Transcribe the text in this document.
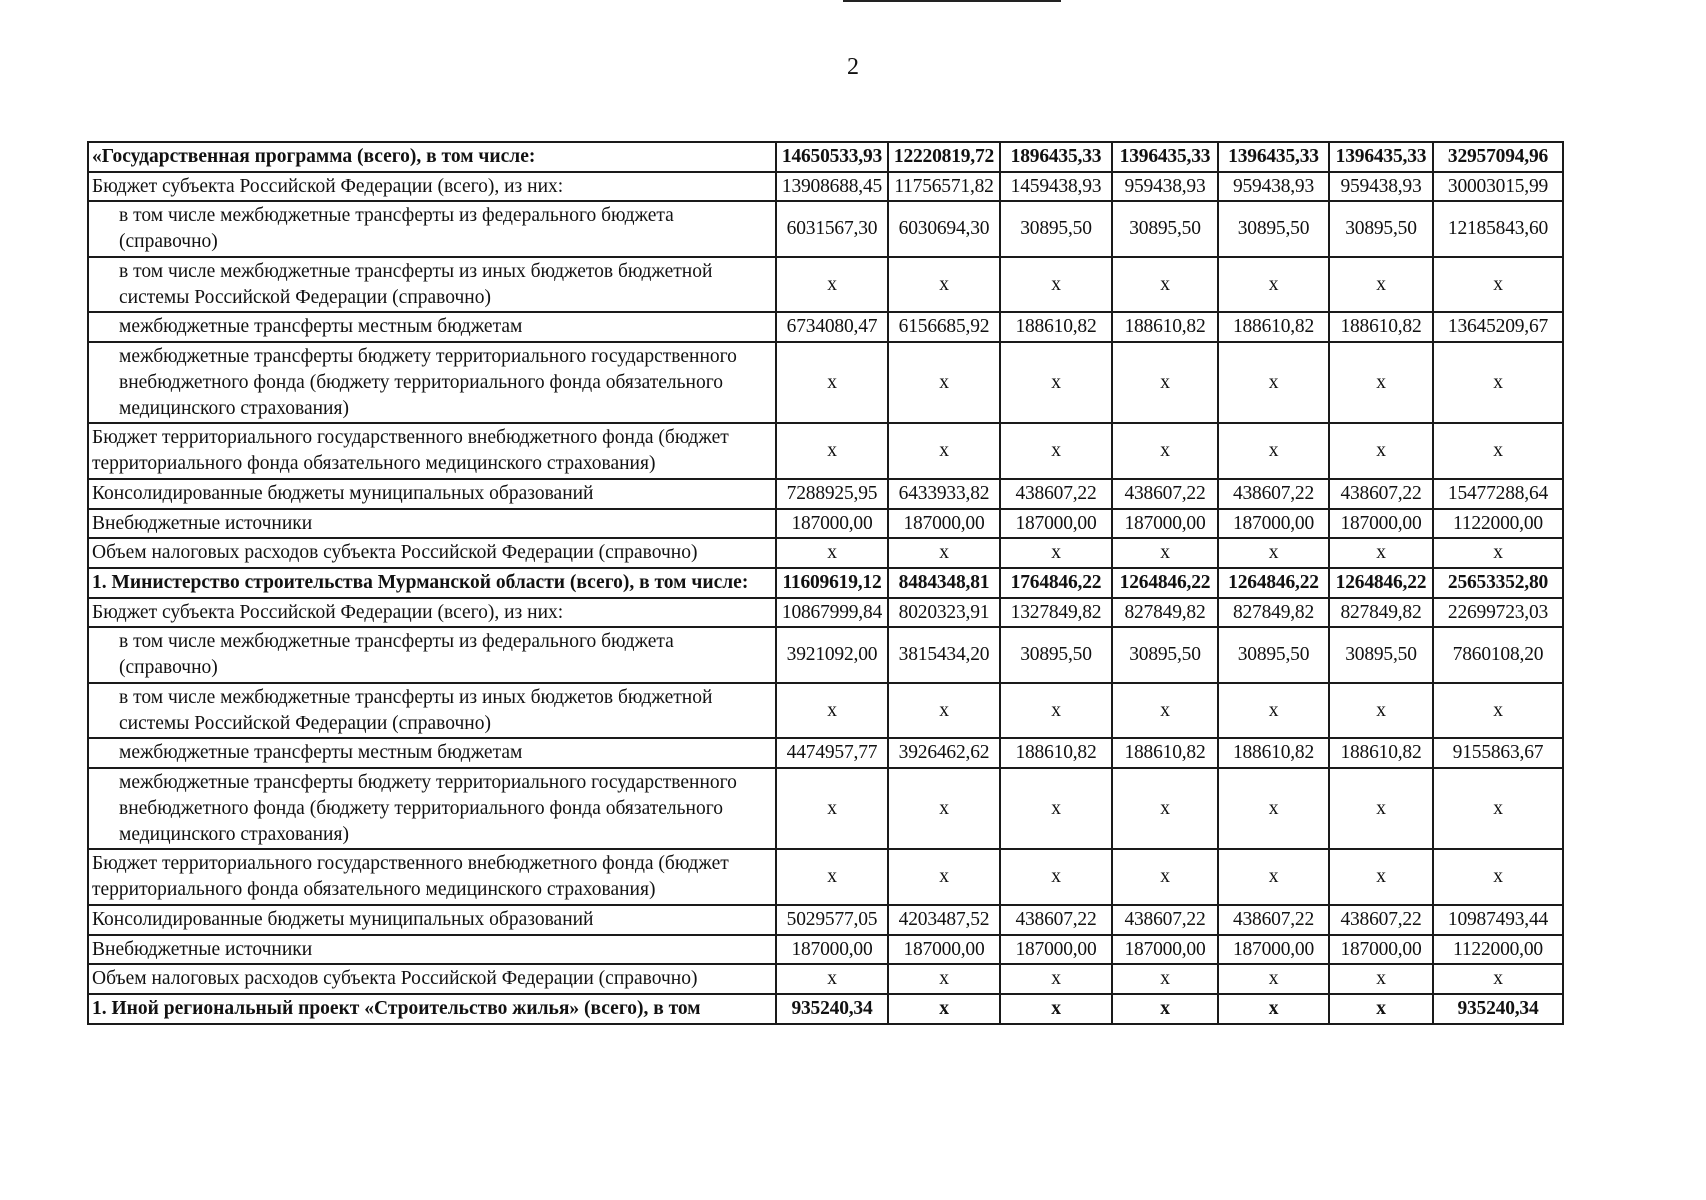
2
«Государственная программа (всего), в том числе:	14650533,93	12220819,72	1896435,33	1396435,33	1396435,33	1396435,33	32957094,96
Бюджет субъекта Российской Федерации (всего), из них:	13908688,45	11756571,82	1459438,93	959438,93	959438,93	959438,93	30003015,99
в том числе межбюджетные трансферты из федерального бюджета (справочно)	6031567,30	6030694,30	30895,50	30895,50	30895,50	30895,50	12185843,60
в том числе межбюджетные трансферты из иных бюджетов бюджетной системы Российской Федерации (справочно)	x	x	x	x	x	x	x
межбюджетные трансферты местным бюджетам	6734080,47	6156685,92	188610,82	188610,82	188610,82	188610,82	13645209,67
межбюджетные трансферты бюджету территориального государственного внебюджетного фонда (бюджету территориального фонда обязательного медицинского страхования)	x	x	x	x	x	x	x
Бюджет территориального государственного внебюджетного фонда (бюджет территориального фонда обязательного медицинского страхования)	x	x	x	x	x	x	x
Консолидированные бюджеты муниципальных образований	7288925,95	6433933,82	438607,22	438607,22	438607,22	438607,22	15477288,64
Внебюджетные источники	187000,00	187000,00	187000,00	187000,00	187000,00	187000,00	1122000,00
Объем налоговых расходов субъекта Российской Федерации (справочно)	x	x	x	x	x	x	x
1. Министерство строительства Мурманской области (всего), в том числе:	11609619,12	8484348,81	1764846,22	1264846,22	1264846,22	1264846,22	25653352,80
Бюджет субъекта Российской Федерации (всего), из них:	10867999,84	8020323,91	1327849,82	827849,82	827849,82	827849,82	22699723,03
в том числе межбюджетные трансферты из федерального бюджета (справочно)	3921092,00	3815434,20	30895,50	30895,50	30895,50	30895,50	7860108,20
в том числе межбюджетные трансферты из иных бюджетов бюджетной системы Российской Федерации (справочно)	x	x	x	x	x	x	x
межбюджетные трансферты местным бюджетам	4474957,77	3926462,62	188610,82	188610,82	188610,82	188610,82	9155863,67
межбюджетные трансферты бюджету территориального государственного внебюджетного фонда (бюджету территориального фонда обязательного медицинского страхования)	x	x	x	x	x	x	x
Бюджет территориального государственного внебюджетного фонда (бюджет территориального фонда обязательного медицинского страхования)	x	x	x	x	x	x	x
Консолидированные бюджеты муниципальных образований	5029577,05	4203487,52	438607,22	438607,22	438607,22	438607,22	10987493,44
Внебюджетные источники	187000,00	187000,00	187000,00	187000,00	187000,00	187000,00	1122000,00
Объем налоговых расходов субъекта Российской Федерации (справочно)	x	x	x	x	x	x	x
1. Иной региональный проект «Строительство жилья» (всего), в том	935240,34	x	x	x	x	x	935240,34
